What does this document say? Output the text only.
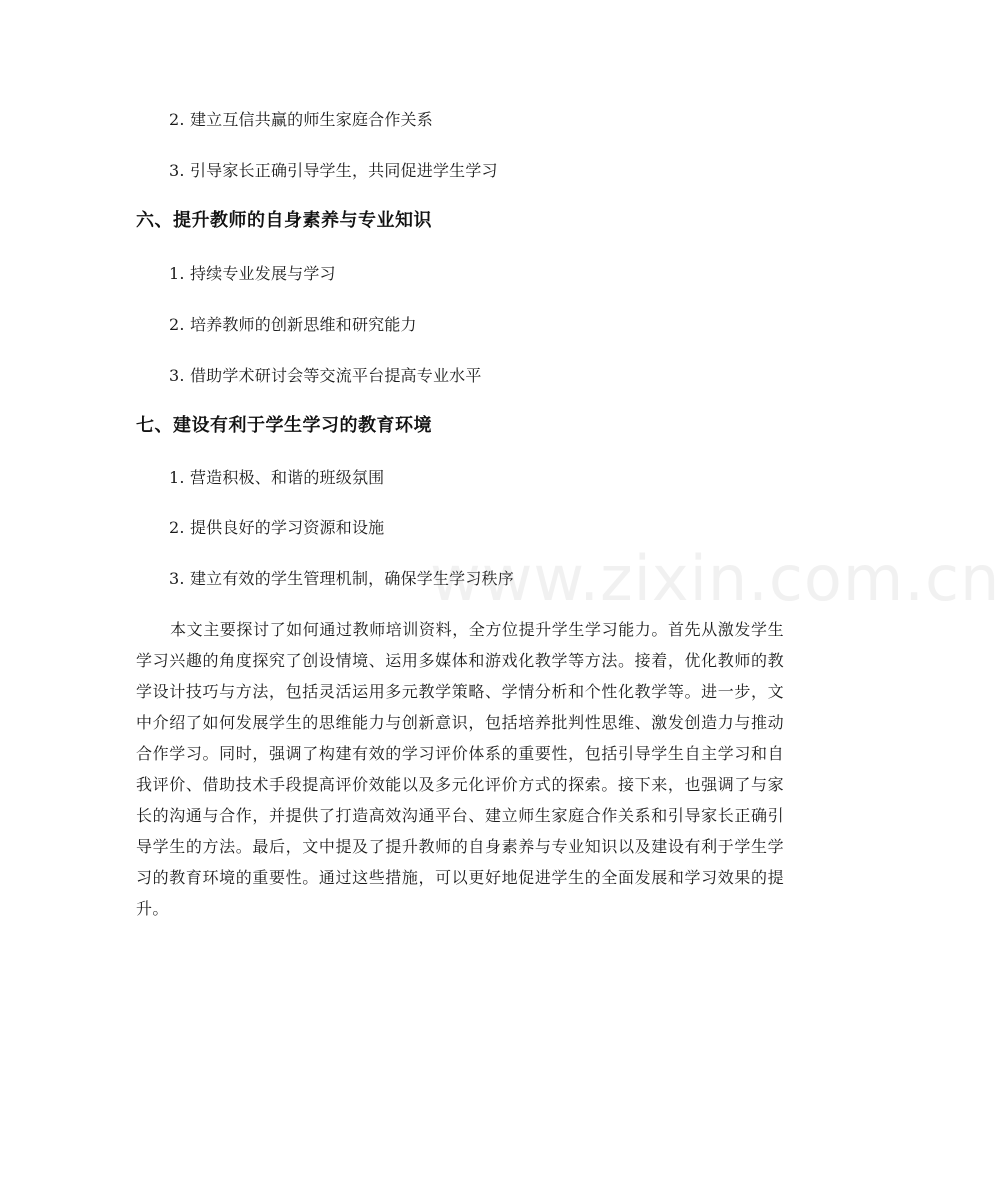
2. 建立互信共赢的师生家庭合作关系
3. 引导家长正确引导学生，共同促进学生学习
六、提升教师的自身素养与专业知识
1. 持续专业发展与学习
2. 培养教师的创新思维和研究能力
3. 借助学术研讨会等交流平台提高专业水平
七、建设有利于学生学习的教育环境
1. 营造积极、和谐的班级氛围
2. 提供良好的学习资源和设施
3. 建立有效的学生管理机制，确保学生学习秩序

本文主要探讨了如何通过教师培训资料，全方位提升学生学习能力。首先从激发学生学习兴趣的角度探究了创设情境、运用多媒体和游戏化教学等方法。接着，优化教师的教学设计技巧与方法，包括灵活运用多元教学策略、学情分析和个性化教学等。进一步，文中介绍了如何发展学生的思维能力与创新意识，包括培养批判性思维、激发创造力与推动合作学习。同时，强调了构建有效的学习评价体系的重要性，包括引导学生自主学习和自我评价、借助技术手段提高评价效能以及多元化评价方式的探索。接下来，也强调了与家长的沟通与合作，并提供了打造高效沟通平台、建立师生家庭合作关系和引导家长正确引导学生的方法。最后，文中提及了提升教师的自身素养与专业知识以及建设有利于学生学习的教育环境的重要性。通过这些措施，可以更好地促进学生的全面发展和学习效果的提升。

www.zixin.com.cn
